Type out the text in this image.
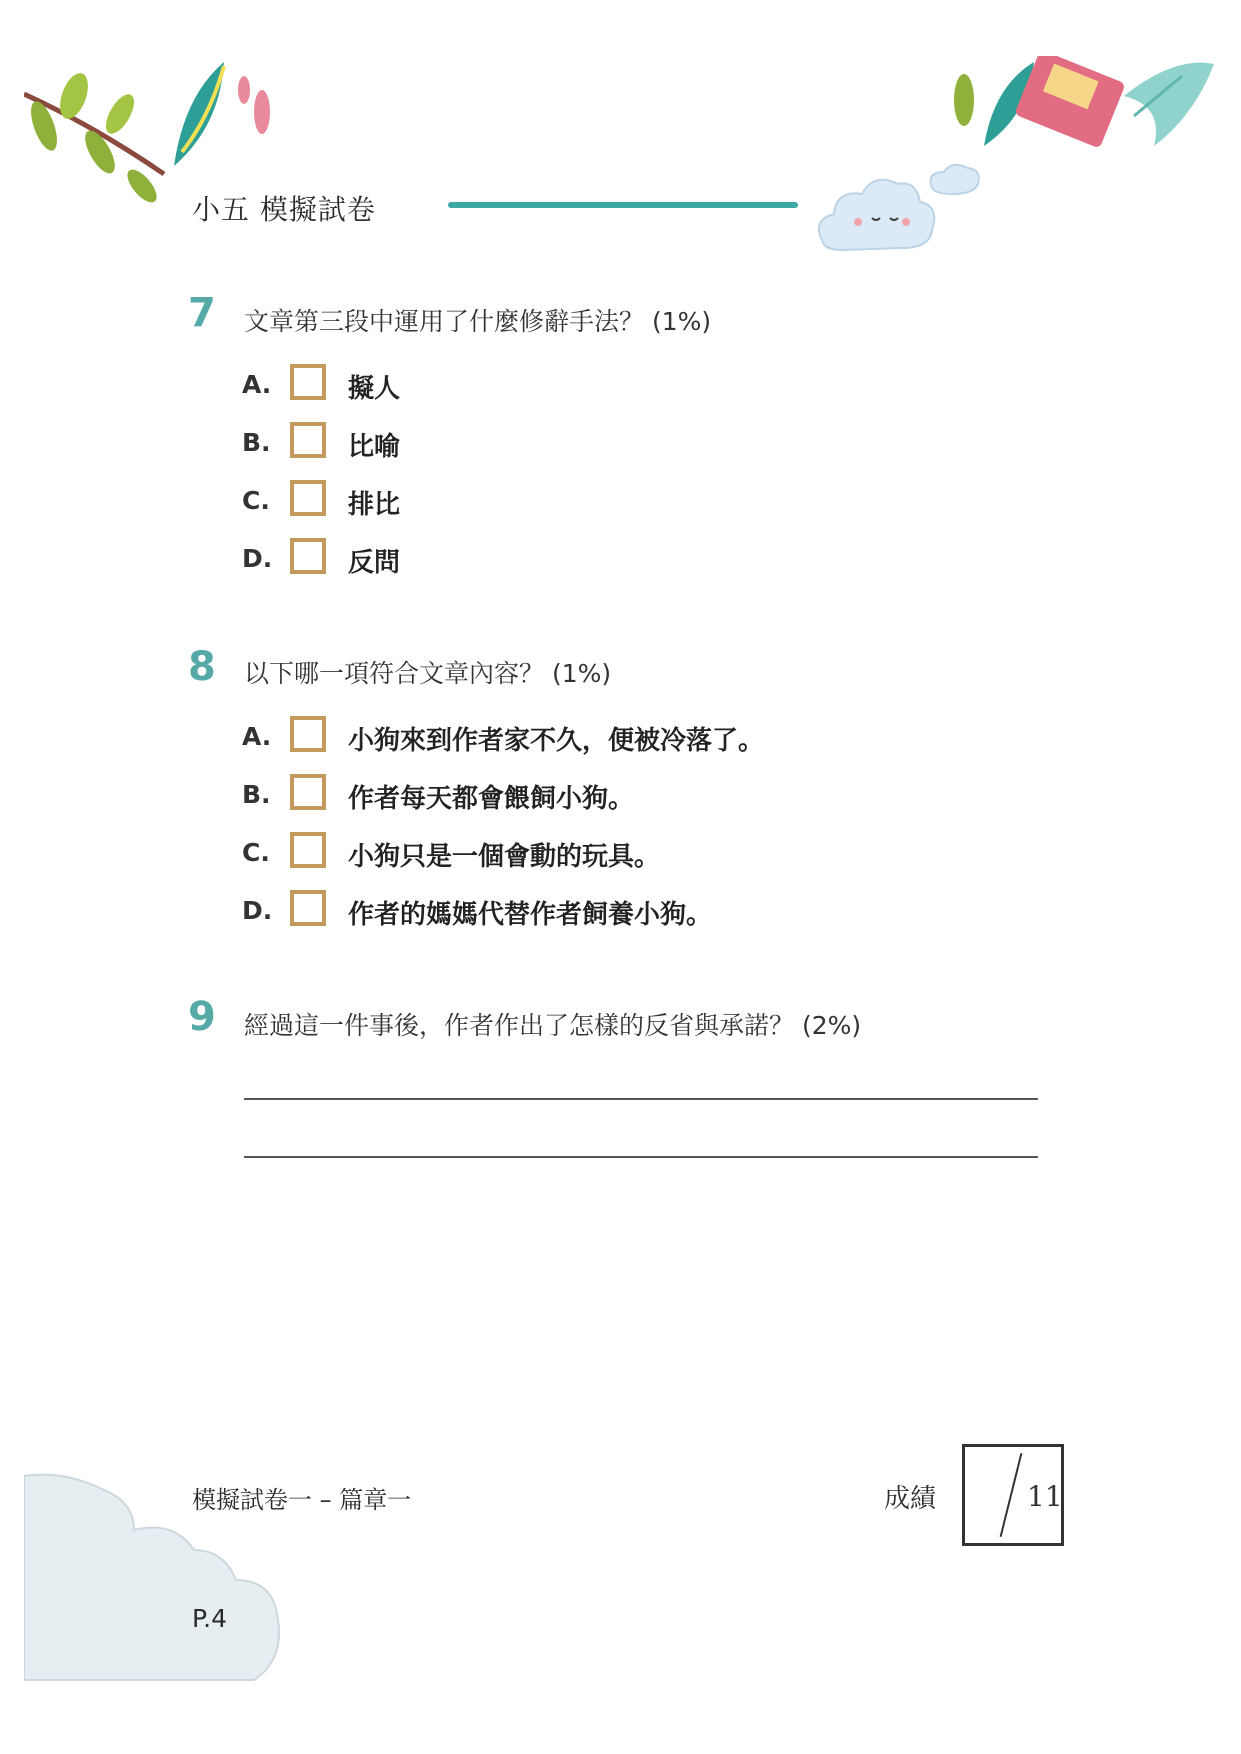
小五 模擬試卷
7 文章第三段中運用了什麼修辭手法？ (1%)
A.	擬人
B.	比喻
C.	排比
D.	反問
8 以下哪一項符合文章內容？ (1%)
A.	小狗來到作者家不久，便被冷落了。
B.	作者每天都會餵飼小狗。
C.	小狗只是一個會動的玩具。
D.	作者的媽媽代替作者飼養小狗。
9 經過這一件事後，作者作出了怎樣的反省與承諾？ (2%)
模擬試卷一 – 篇章一
P.4
成績	11
